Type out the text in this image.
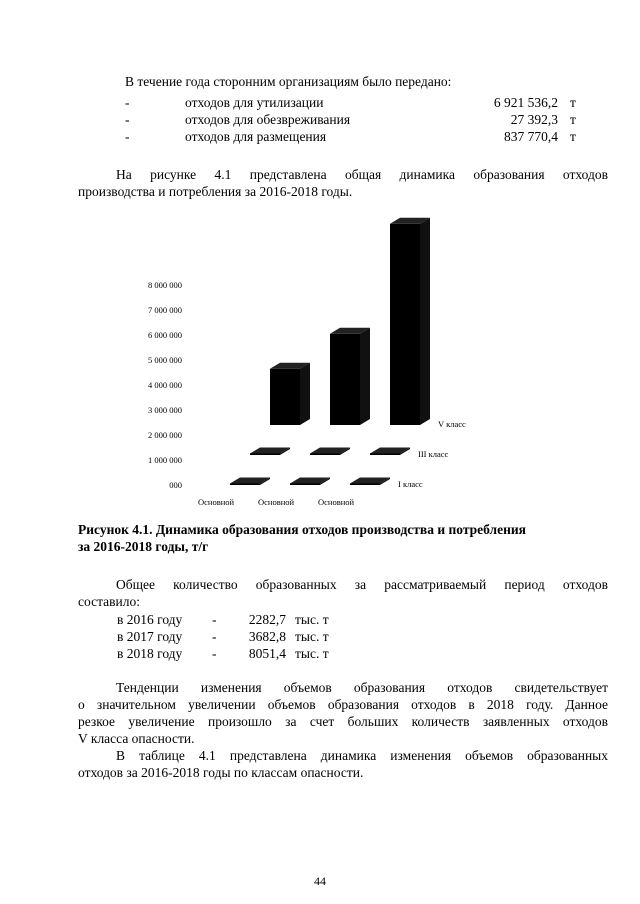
В течение года сторонним организациям было передано:
-	отходов для утилизации	6 921 536,2 т
-	отходов для обезвреживания	27 392,3 т
-	отходов для размещения	837 770,4 т
На рисунке 4.1 представлена общая динамика образования отходов
производства и потребления за 2016-2018 годы.
000
1 000 000
2 000 000
3 000 000
4 000 000
5 000 000
6 000 000
7 000 000
8 000 000
Основной	Основной	Основной
I класс
III класс
V класс
Рисунок 4.1. Динамика образования отходов производства и потребления
за 2016-2018 годы, т/г
Общее количество образованных за рассматриваемый период отходов
составило:
в 2016 году -	2282,7 тыс. т
в 2017 году -	3682,8 тыс. т
в 2018 году -	8051,4 тыс. т
Тенденции изменения объемов образования отходов свидетельствует
о значительном увеличении объемов образования отходов в 2018 году. Данное
резкое увеличение произошло за счет больших количеств заявленных отходов
V класса опасности.
В таблице 4.1 представлена динамика изменения объемов образованных
отходов за 2016-2018 годы по классам опасности.
44
